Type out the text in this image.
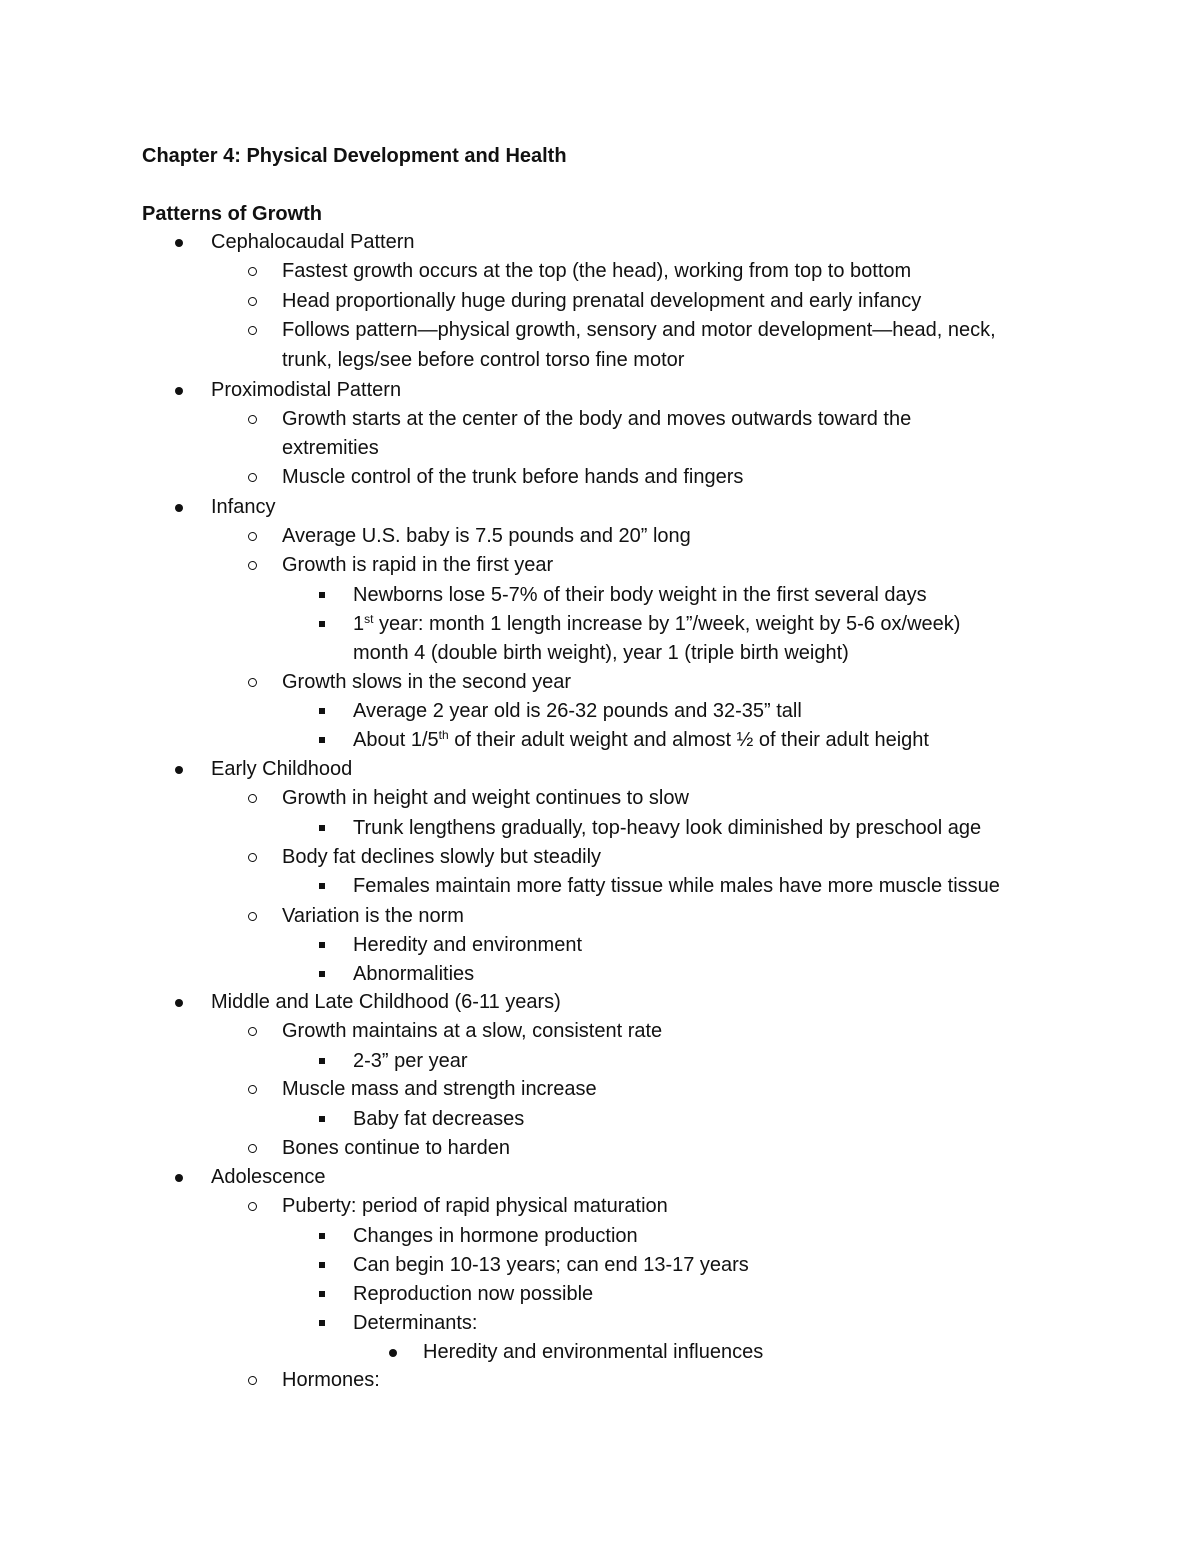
Chapter 4: Physical Development and Health
Patterns of Growth
Cephalocaudal Pattern
Fastest growth occurs at the top (the head), working from top to bottom
Head proportionally huge during prenatal development and early infancy
Follows pattern—physical growth, sensory and motor development—head, neck,
trunk, legs/see before control torso fine motor
Proximodistal Pattern
Growth starts at the center of the body and moves outwards toward the
extremities
Muscle control of the trunk before hands and fingers
Infancy
Average U.S. baby is 7.5 pounds and 20” long
Growth is rapid in the first year
Newborns lose 5-7% of their body weight in the first several days
1st year: month 1 length increase by 1”/week, weight by 5-6 ox/week)
month 4 (double birth weight), year 1 (triple birth weight)
Growth slows in the second year
Average 2 year old is 26-32 pounds and 32-35” tall
About 1/5th of their adult weight and almost ½ of their adult height
Early Childhood
Growth in height and weight continues to slow
Trunk lengthens gradually, top-heavy look diminished by preschool age
Body fat declines slowly but steadily
Females maintain more fatty tissue while males have more muscle tissue
Variation is the norm
Heredity and environment
Abnormalities
Middle and Late Childhood (6-11 years)
Growth maintains at a slow, consistent rate
2-3” per year
Muscle mass and strength increase
Baby fat decreases
Bones continue to harden
Adolescence
Puberty: period of rapid physical maturation
Changes in hormone production
Can begin 10-13 years; can end 13-17 years
Reproduction now possible
Determinants:
Heredity and environmental influences
Hormones:
